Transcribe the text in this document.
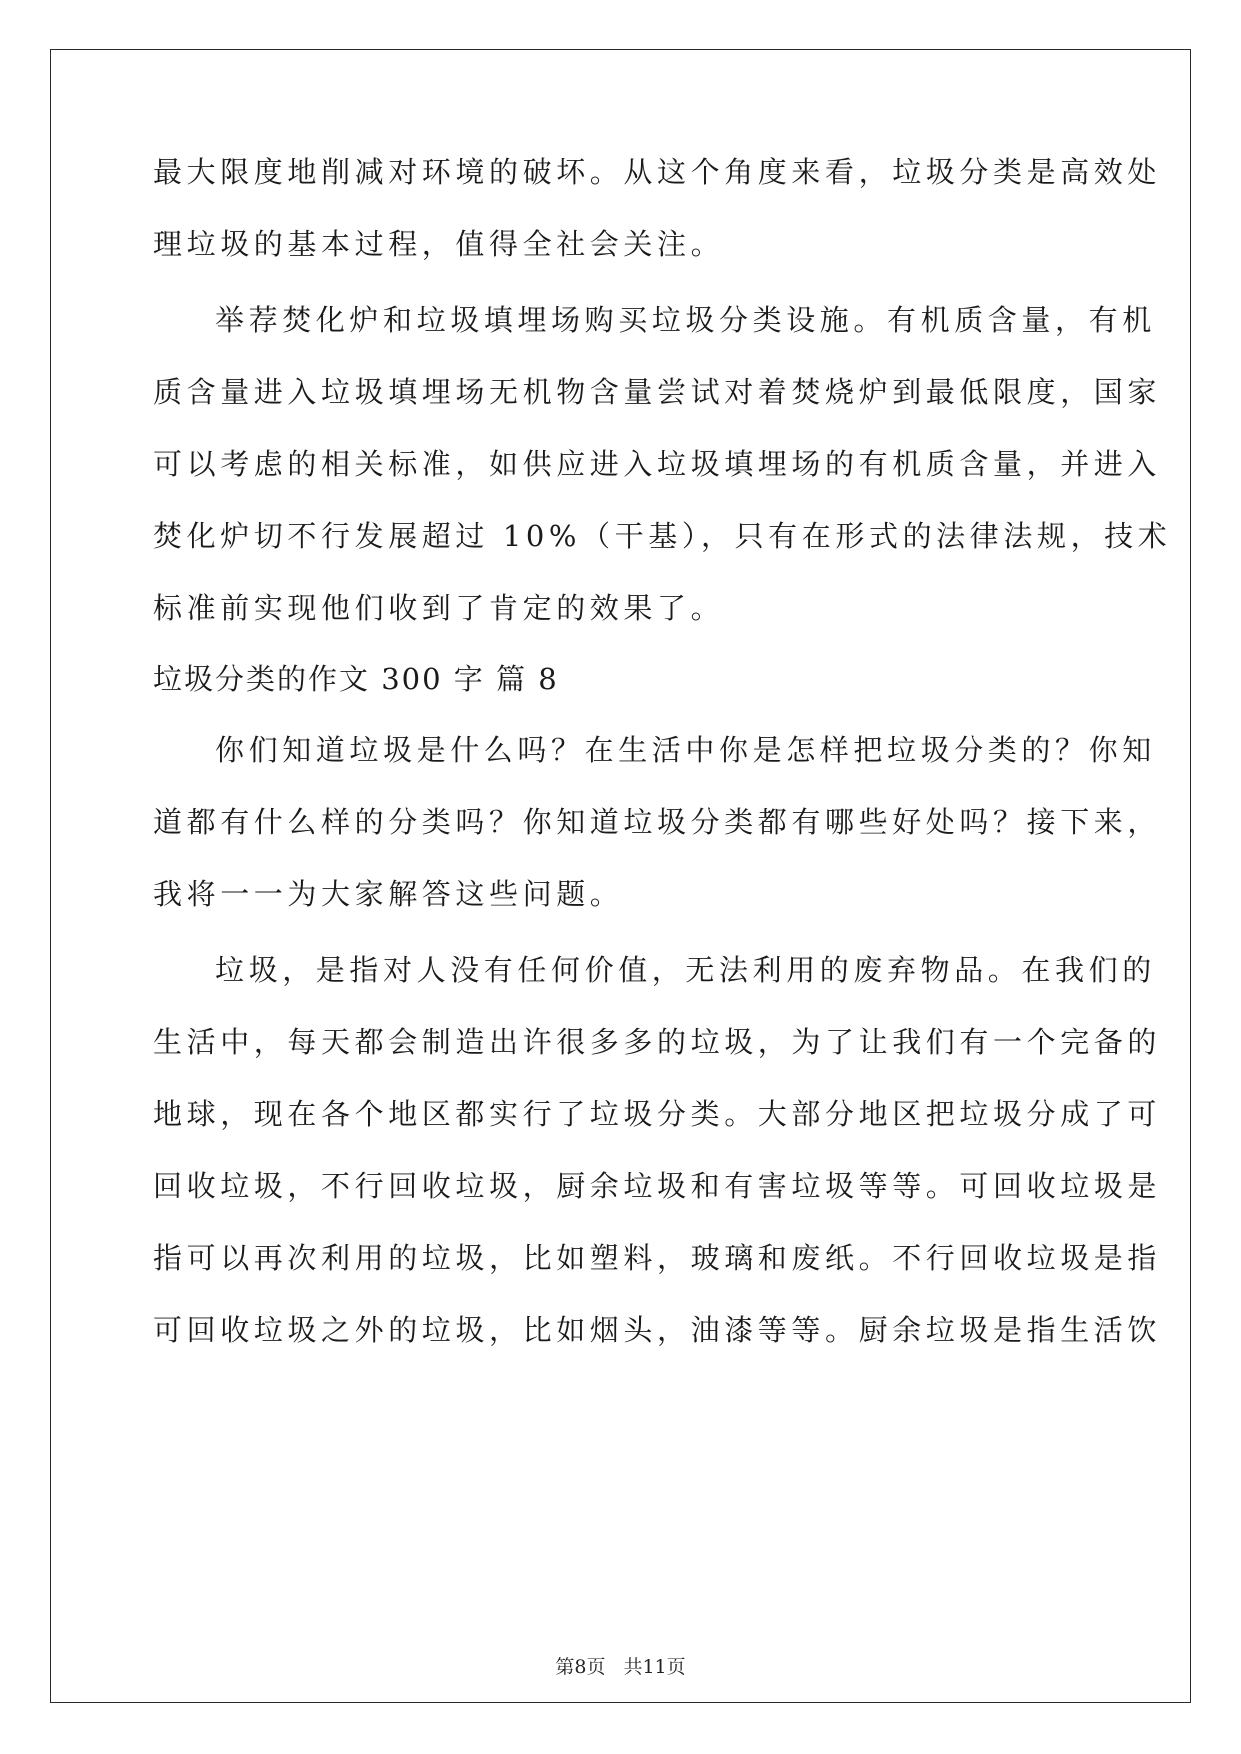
最大限度地削减对环境的破坏。从这个角度来看，垃圾分类是高效处
理垃圾的基本过程，值得全社会关注。
举荐焚化炉和垃圾填埋场购买垃圾分类设施。有机质含量，有机
质含量进入垃圾填埋场无机物含量尝试对着焚烧炉到最低限度，国家
可以考虑的相关标准，如供应进入垃圾填埋场的有机质含量，并进入
焚化炉切不行发展超过 10%（干基），只有在形式的法律法规，技术
标准前实现他们收到了肯定的效果了。
垃圾分类的作文 300 字 篇 8
你们知道垃圾是什么吗？在生活中你是怎样把垃圾分类的？你知
道都有什么样的分类吗？你知道垃圾分类都有哪些好处吗？接下来，
我将一一为大家解答这些问题。
垃圾，是指对人没有任何价值，无法利用的废弃物品。在我们的
生活中，每天都会制造出许很多多的垃圾，为了让我们有一个完备的
地球，现在各个地区都实行了垃圾分类。大部分地区把垃圾分成了可
回收垃圾，不行回收垃圾，厨余垃圾和有害垃圾等等。可回收垃圾是
指可以再次利用的垃圾，比如塑料，玻璃和废纸。不行回收垃圾是指
可回收垃圾之外的垃圾，比如烟头，油漆等等。厨余垃圾是指生活饮
第8页 共11页
